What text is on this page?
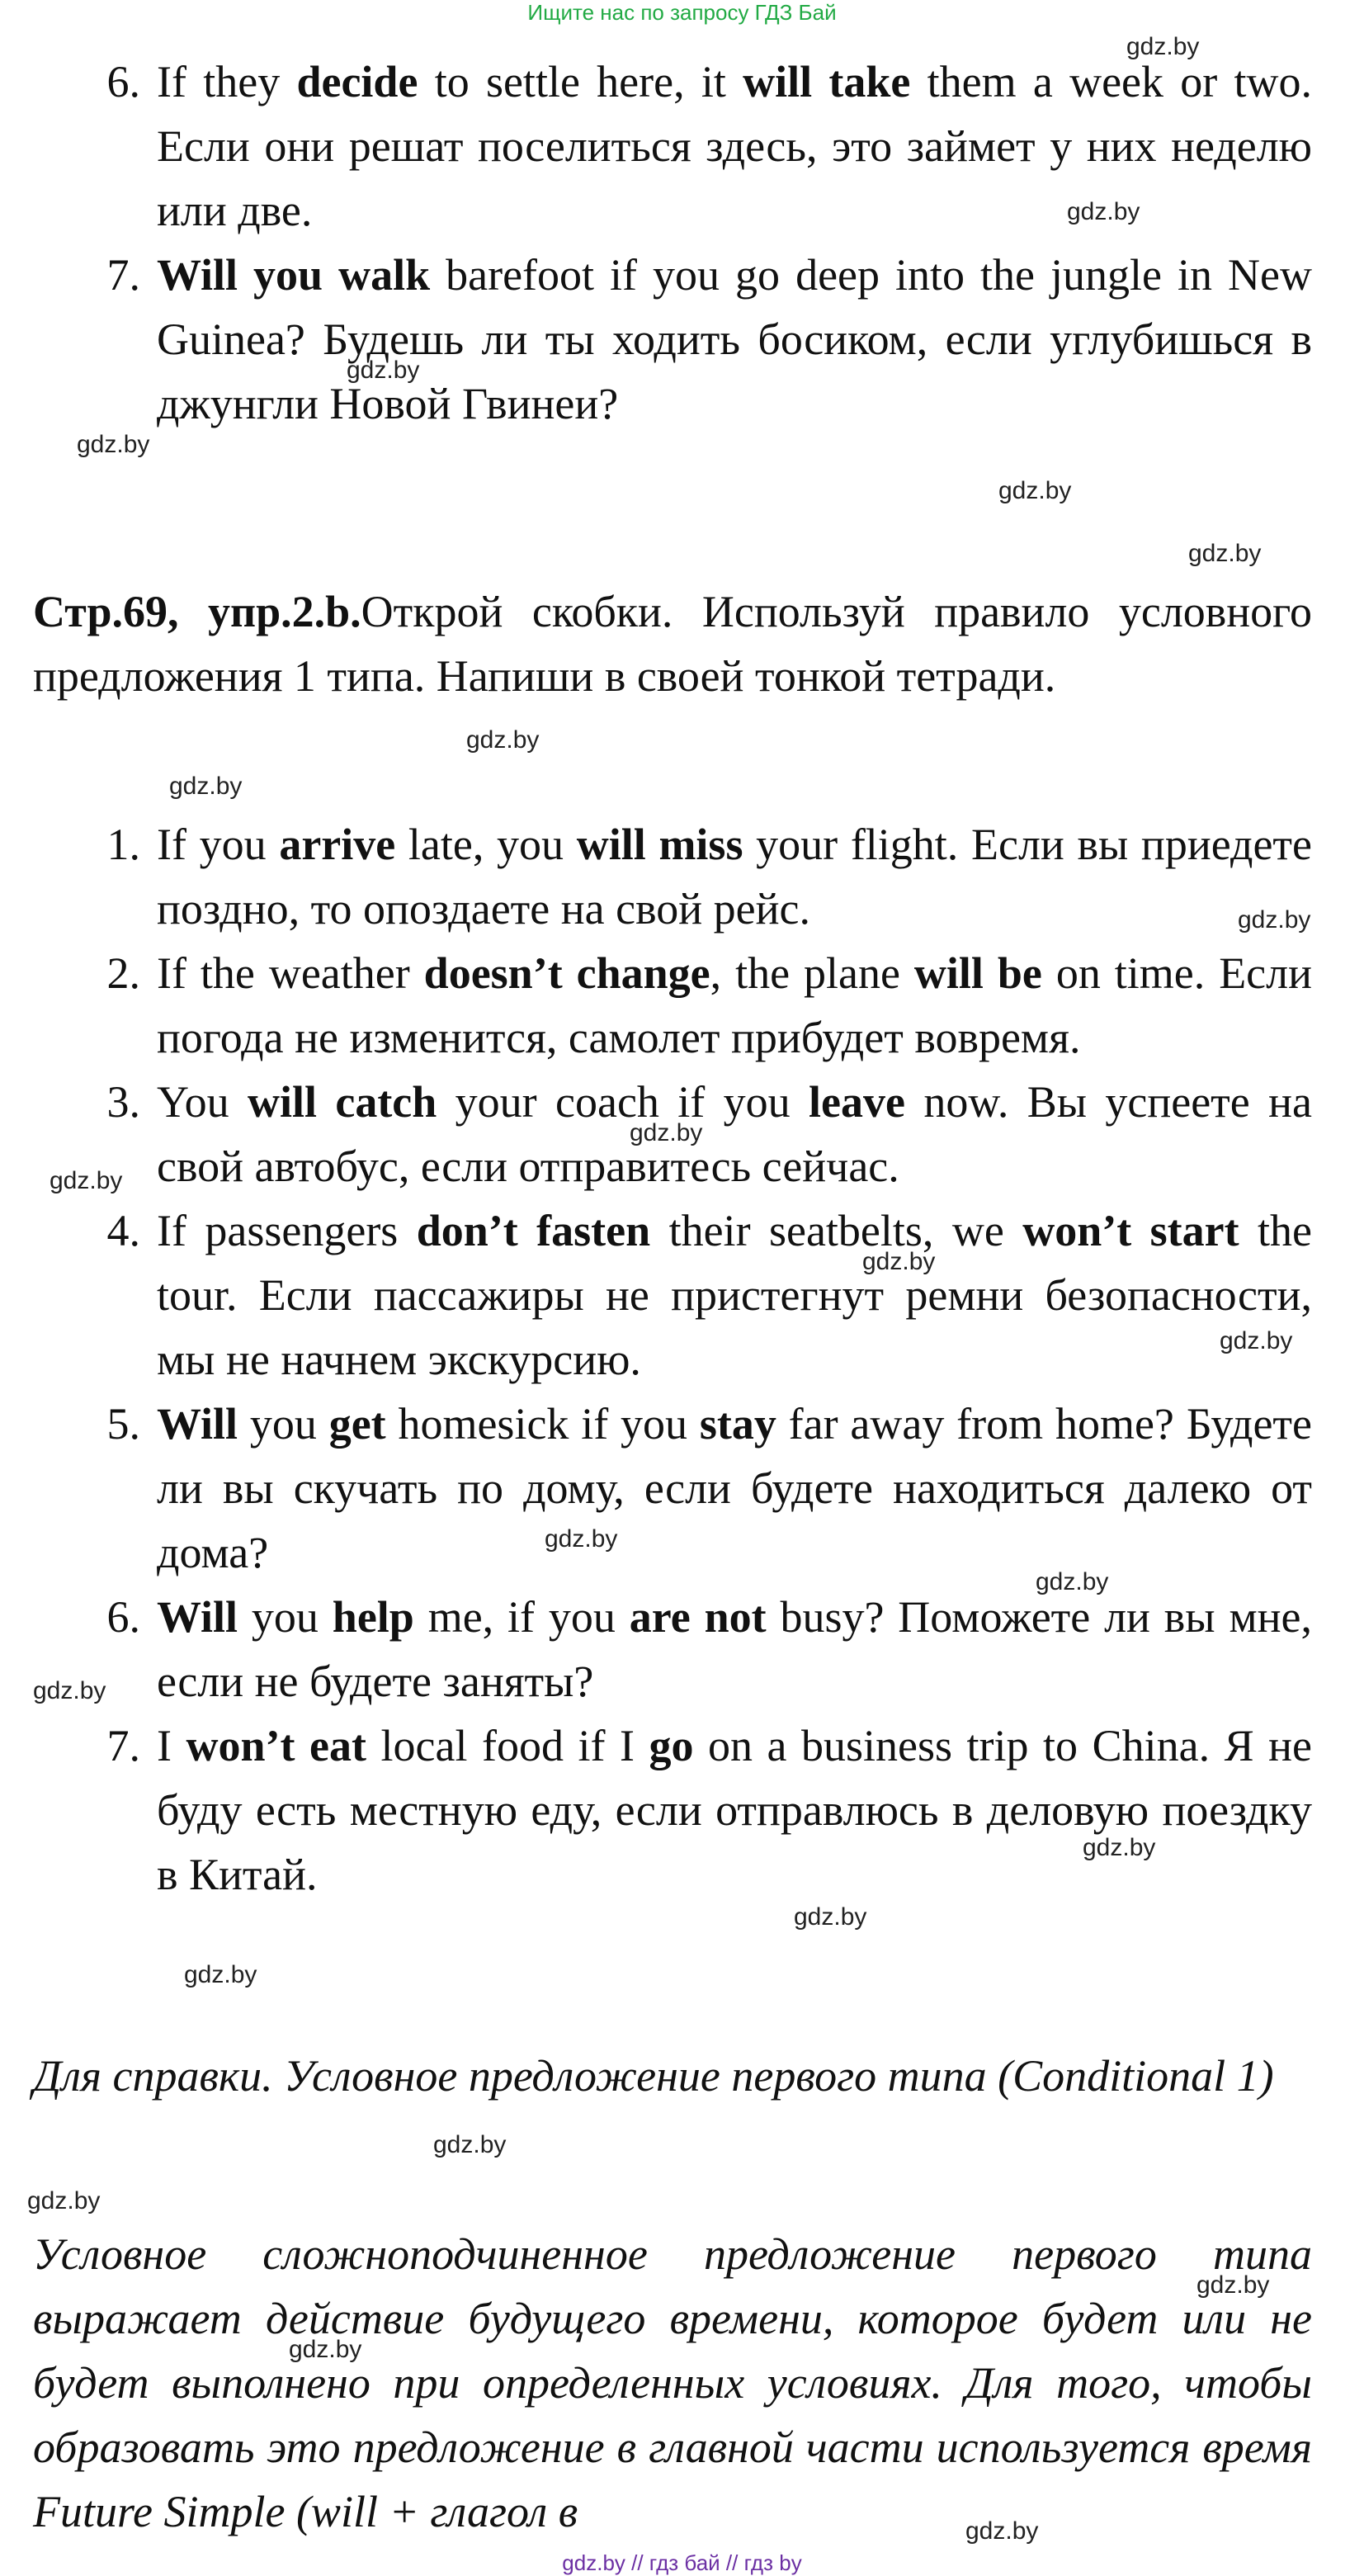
Ищите нас по запросу ГДЗ Бай
6. If they decide to settle here, it will take them a week or two. Если они решат поселиться здесь, это займет у них неделю или две.
7. Will you walk barefoot if you go deep into the jungle in New Guinea? Будешь ли ты ходить босиком, если углубишься в джунгли Новой Гвинеи?
Стр.69, упр.2.b.Открой скобки. Используй правило условного предложения 1 типа. Напиши в своей тонкой тетради.
1. If you arrive late, you will miss your flight. Если вы приедете поздно, то опоздаете на свой рейс.
2. If the weather doesn’t change, the plane will be on time. Если погода не изменится, самолет прибудет вовремя.
3. You will catch your coach if you leave now. Вы успеете на свой автобус, если отправитесь сейчас.
4. If passengers don’t fasten their seatbelts, we won’t start the tour. Если пассажиры не пристегнут ремни безопасности, мы не начнем экскурсию.
5. Will you get homesick if you stay far away from home? Будете ли вы скучать по дому, если будете находиться далеко от дома?
6. Will you help me, if you are not busy? Поможете ли вы мне, если не будете заняты?
7. I won’t eat local food if I go on a business trip to China. Я не буду есть местную еду, если отправлюсь в деловую поездку в Китай.
Для справки. Условное предложение первого типа (Conditional 1)
Условное сложноподчиненное предложение первого типа выражает действие будущего времени, которое будет или не будет выполнено при определенных условиях. Для того, чтобы образовать это предложение в главной части используется время Future Simple (will + глагол в
gdz.by
gdz.by
gdz.by
gdz.by
gdz.by
gdz.by
gdz.by
gdz.by
gdz.by
gdz.by
gdz.by
gdz.by
gdz.by
gdz.by
gdz.by
gdz.by
gdz.by
gdz.by
gdz.by
gdz.by
gdz.by
gdz.by
gdz.by
gdz.by
gdz.by // гдз бай // гдз by
